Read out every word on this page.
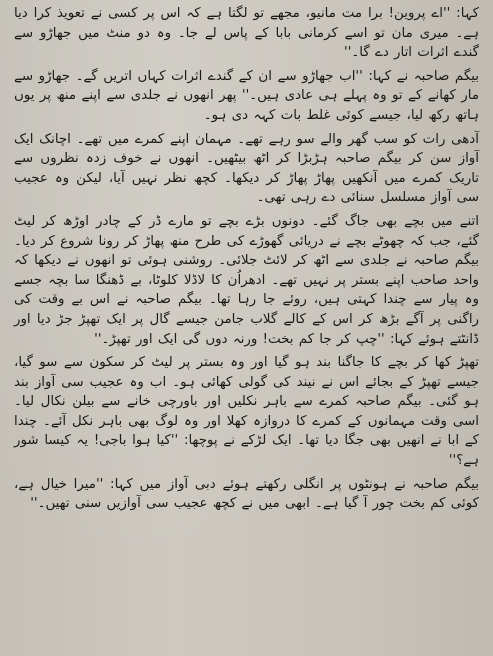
کہا: ''اے پروین! برا مت مانیو، مجھے تو لگتا ہے کہ اس پر کسی نے تعویذ کرا دیا ہے۔ میری مان تو اسے کرمانی بابا کے پاس لے جا۔ وہ دو منٹ میں جھاڑو سے گندے اثرات اتار دے گا۔''

بیگم صاحبہ نے کہا: ''اب جھاڑو سے ان کے گندے اثرات کہاں اتریں گے۔ جھاڑو سے مار کھانے کے تو وہ پہلے ہی عادی ہیں۔'' پھر انھوں نے جلدی سے اپنے منھ پر یوں ہاتھ رکھ لیا، جیسے کوئی غلط بات کہہ دی ہو۔

آدھی رات کو سب گھر والے سو رہے تھے۔ مہمان اپنے کمرے میں تھے۔ اچانک ایک آواز سن کر بیگم صاحبہ ہڑبڑا کر اٹھ بیٹھیں۔ انھوں نے خوف زدہ نظروں سے تاریک کمرے میں آنکھیں پھاڑ پھاڑ کر دیکھا۔ کچھ نظر نہیں آیا، لیکن وہ عجیب سی آواز مسلسل سنائی دے رہی تھی۔

اتنے میں بچے بھی جاگ گئے۔ دونوں بڑے بچے تو مارے ڈر کے چادر اوڑھ کر لیٹ گئے، جب کہ چھوٹے بچے نے دریائی گھوڑے کی طرح منھ پھاڑ کر رونا شروع کر دیا۔ بیگم صاحبہ نے جلدی سے اٹھ کر لائٹ جلائی۔ روشنی ہوئی تو انھوں نے دیکھا کہ واحد صاحب اپنے بستر پر نہیں تھے۔ ادھراُن کا لاڈلا کلوٹا، بے ڈھنگا سا بچہ جسے وہ پیار سے چندا کہتی ہیں، روئے جا رہا تھا۔ بیگم صاحبہ نے اس بے وقت کی راگنی پر آگے بڑھ کر اس کے کالے گلاب جامن جیسے گال پر ایک تھپڑ جڑ دیا اور ڈانٹتے ہوئے کہا: ''چپ کر جا کم بخت! ورنہ دوں گی ایک اور تھپڑ۔''

تھپڑ کھا کر بچے کا جاگنا بند ہو گیا اور وہ بستر پر لیٹ کر سکون سے سو گیا، جیسے تھپڑ کے بجائے اس نے نیند کی گولی کھائی ہو۔ اب وہ عجیب سی آواز بند ہو گئی۔ بیگم صاحبہ کمرے سے باہر نکلیں اور باورچی خانے سے بیلن نکال لیا۔ اسی وقت مہمانوں کے کمرے کا دروازہ کھلا اور وہ لوگ بھی باہر نکل آئے۔ چندا کے ابا نے انھیں بھی جگا دیا تھا۔ ایک لڑکے نے پوچھا: ''کیا ہوا باجی! یہ کیسا شور ہے؟''

بیگم صاحبہ نے ہونٹوں پر انگلی رکھتے ہوئے دبی آواز میں کہا: ''میرا خیال ہے، کوئی کم بخت چور آ گیا ہے۔ ابھی میں نے کچھ عجیب سی آوازیں سنی تھیں۔''
